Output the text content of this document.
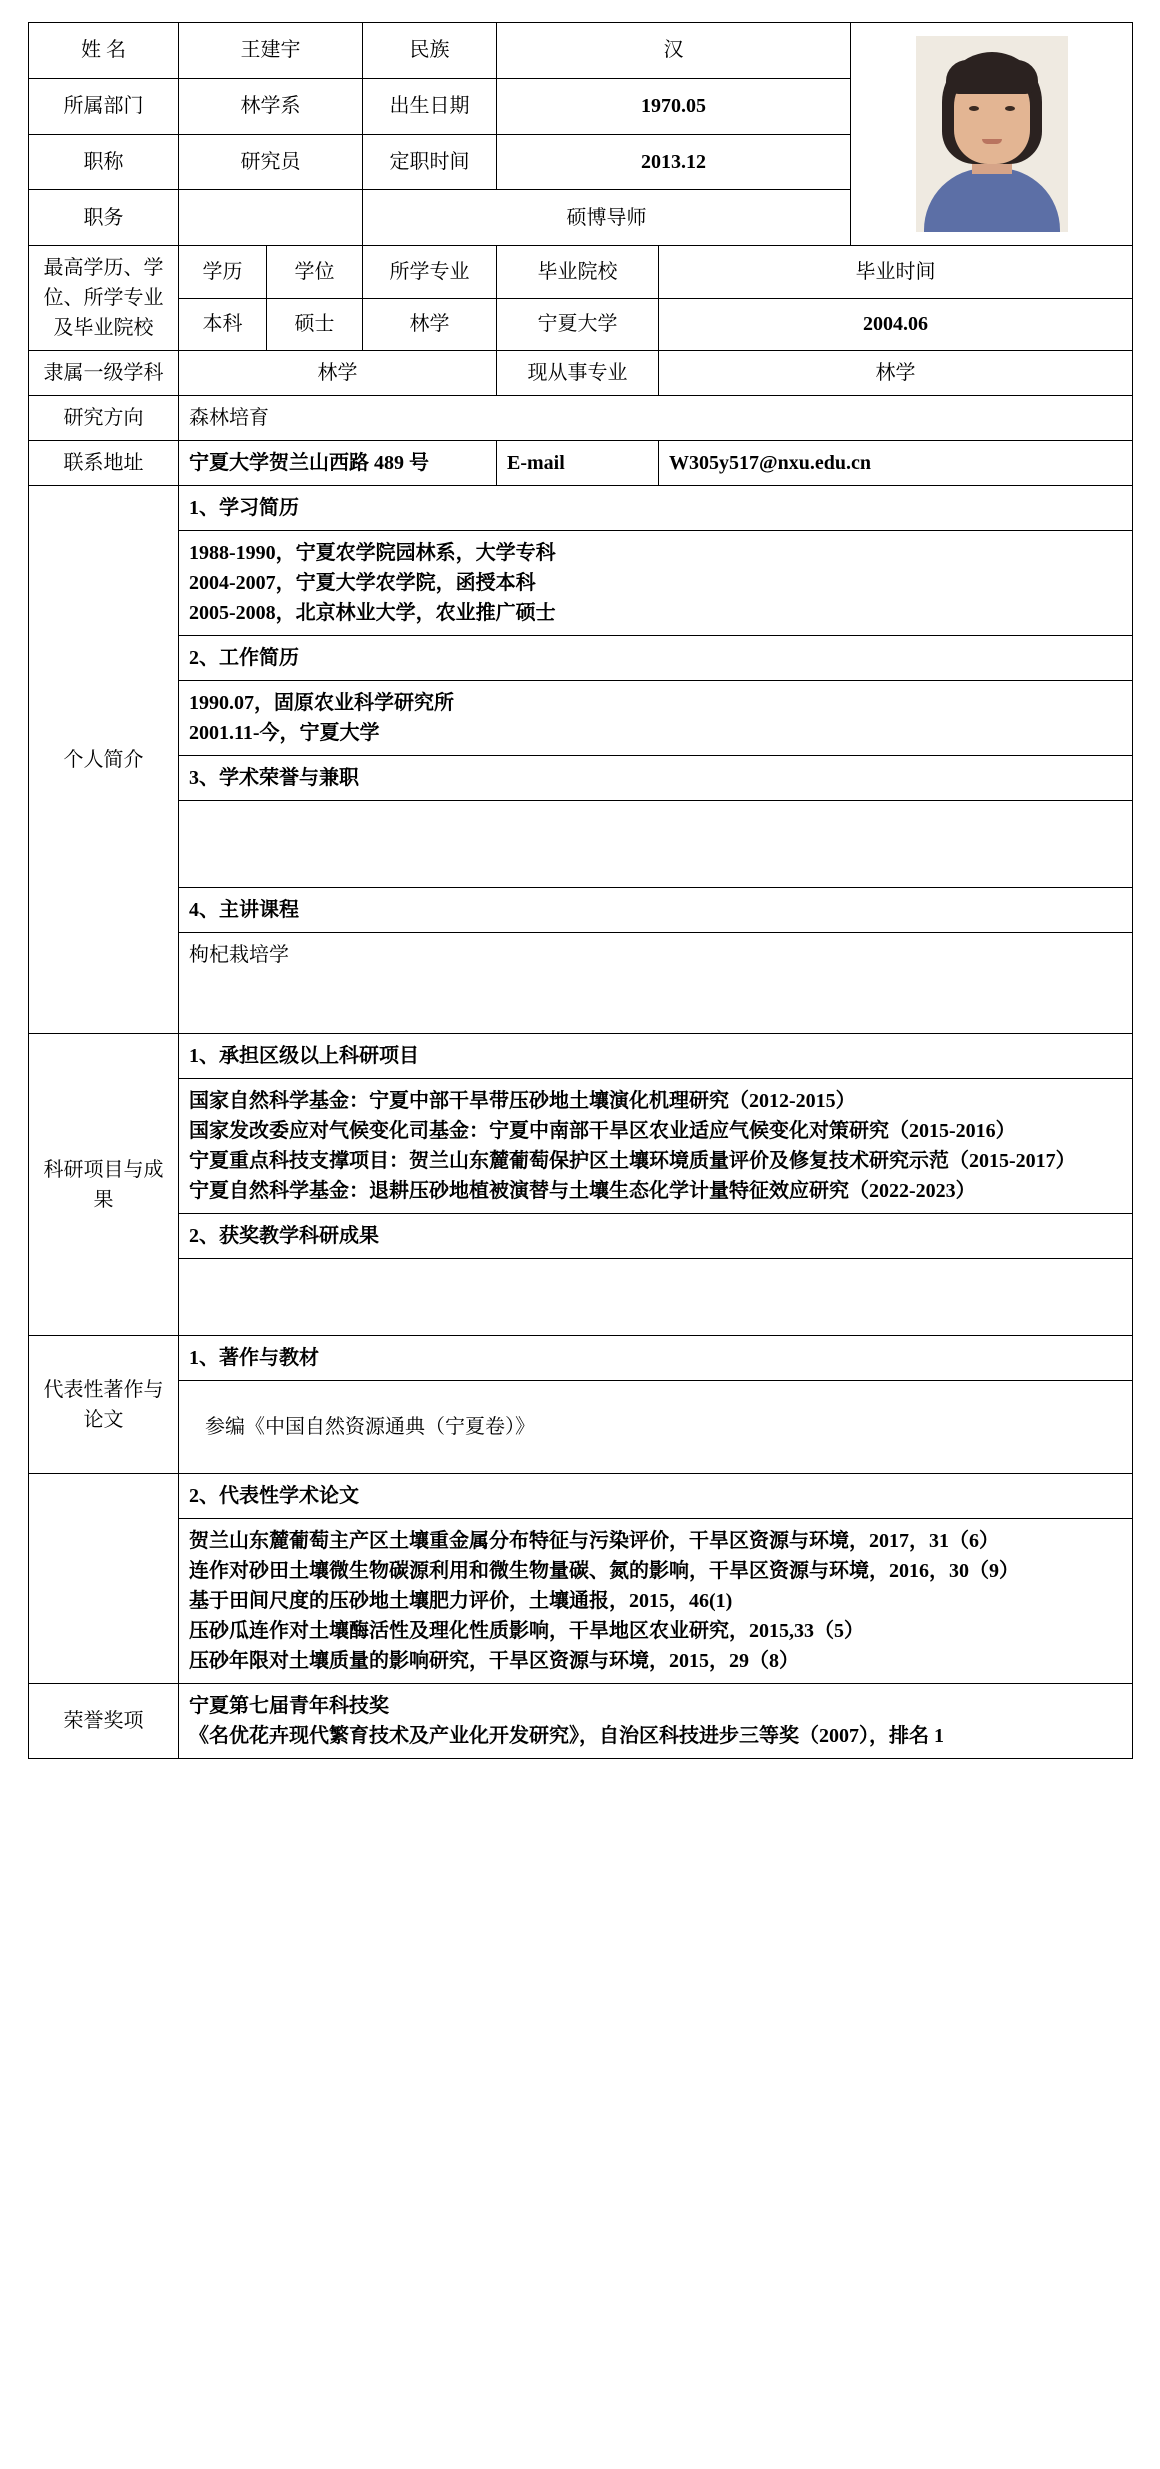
姓 名	王建宇		民族	汉		

所属部门	林学系		出生日期	1970.05		
职称	研究员		定职时间	2013.12		
职务			硕博导师			
最高学历、学位、所学专业及毕业院校	学历	学位	所学专业	毕业院校	毕业时间	
	本科	硕士	林学	宁夏大学	2004.06	
隶属一级学科	林学			现从事专业	林学	
研究方向	森林培育					
联系地址	宁夏大学贺兰山西路 489 号			E-mail	W305y517@nxu.edu.cn	
个人简介	1、学习简历					

	1988-1990，宁夏农学院园林系，大学专科
2004-2007，宁夏大学农学院，函授本科
2005-2008，北京林业大学，农业推广硕士					

	2、工作简历					

	1990.07，固原农业科学研究所
2001.11-今，宁夏大学					

	3、学术荣誉与兼职					

	4、主讲课程					

	枸杞栽培学					

科研项目与成果	1、承担区级以上科研项目					

	国家自然科学基金：宁夏中部干旱带压砂地土壤演化机理研究（2012-2015）
国家发改委应对气候变化司基金：宁夏中南部干旱区农业适应气候变化对策研究（2015-2016）
宁夏重点科技支撑项目：贺兰山东麓葡萄保护区土壤环境质量评价及修复技术研究示范（2015-2017）
宁夏自然科学基金：退耕压砂地植被演替与土壤生态化学计量特征效应研究（2022-2023）					

	2、获奖教学科研成果					

代表性著作与论文	1、著作与教材					

	参编《中国自然资源通典（宁夏卷）》					

	2、代表性学术论文					

	贺兰山东麓葡萄主产区土壤重金属分布特征与污染评价，干旱区资源与环境，2017，31（6）
连作对砂田土壤微生物碳源利用和微生物量碳、氮的影响，干旱区资源与环境，2016，30（9）
基于田间尺度的压砂地土壤肥力评价，土壤通报，2015，46(1)
压砂瓜连作对土壤酶活性及理化性质影响，干旱地区农业研究，2015,33（5）
压砂年限对土壤质量的影响研究，干旱区资源与环境，2015，29（8）					

荣誉奖项	宁夏第七届青年科技奖
《名优花卉现代繁育技术及产业化开发研究》，自治区科技进步三等奖（2007），排名 1					
